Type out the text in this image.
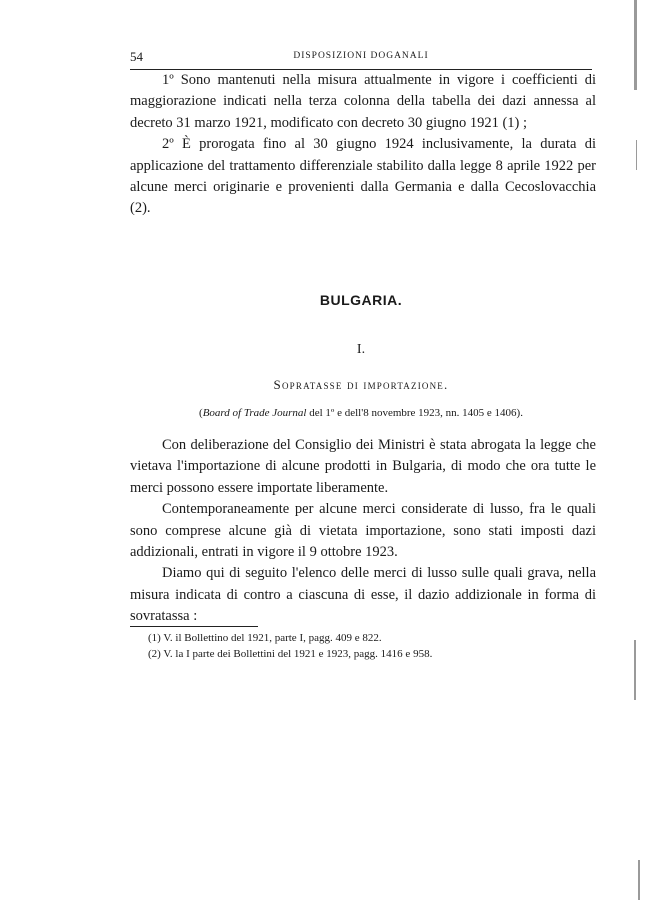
54	DISPOSIZIONI DOGANALI

1º Sono mantenuti nella misura attualmente in vigore i coefficienti di maggiorazione indicati nella terza colonna della tabella dei dazi annessa al decreto 31 marzo 1921, modificato con decreto 30 giugno 1921 (1) ;

2º È prorogata fino al 30 giugno 1924 inclusivamente, la durata di applicazione del trattamento differenziale stabilito dalla legge 8 aprile 1922 per alcune merci originarie e provenienti dalla Germania e dalla Cecoslovacchia (2).

BULGARIA.
I.
Sopratasse di importazione.
(Board of Trade Journal del 1º e dell'8 novembre 1923, nn. 1405 e 1406).

Con deliberazione del Consiglio dei Ministri è stata abrogata la legge che vietava l'importazione di alcune prodotti in Bulgaria, di modo che ora tutte le merci possono essere importate liberamente.

Contemporaneamente per alcune merci considerate di lusso, fra le quali sono comprese alcune già di vietata importazione, sono stati imposti dazi addizionali, entrati in vigore il 9 ottobre 1923.

Diamo qui di seguito l'elenco delle merci di lusso sulle quali grava, nella misura indicata di contro a ciascuna di esse, il dazio addizionale in forma di sovratassa :

(1) V. il Bollettino del 1921, parte I, pagg. 409 e 822.
(2) V. la I parte dei Bollettini del 1921 e 1923, pagg. 1416 e 958.
